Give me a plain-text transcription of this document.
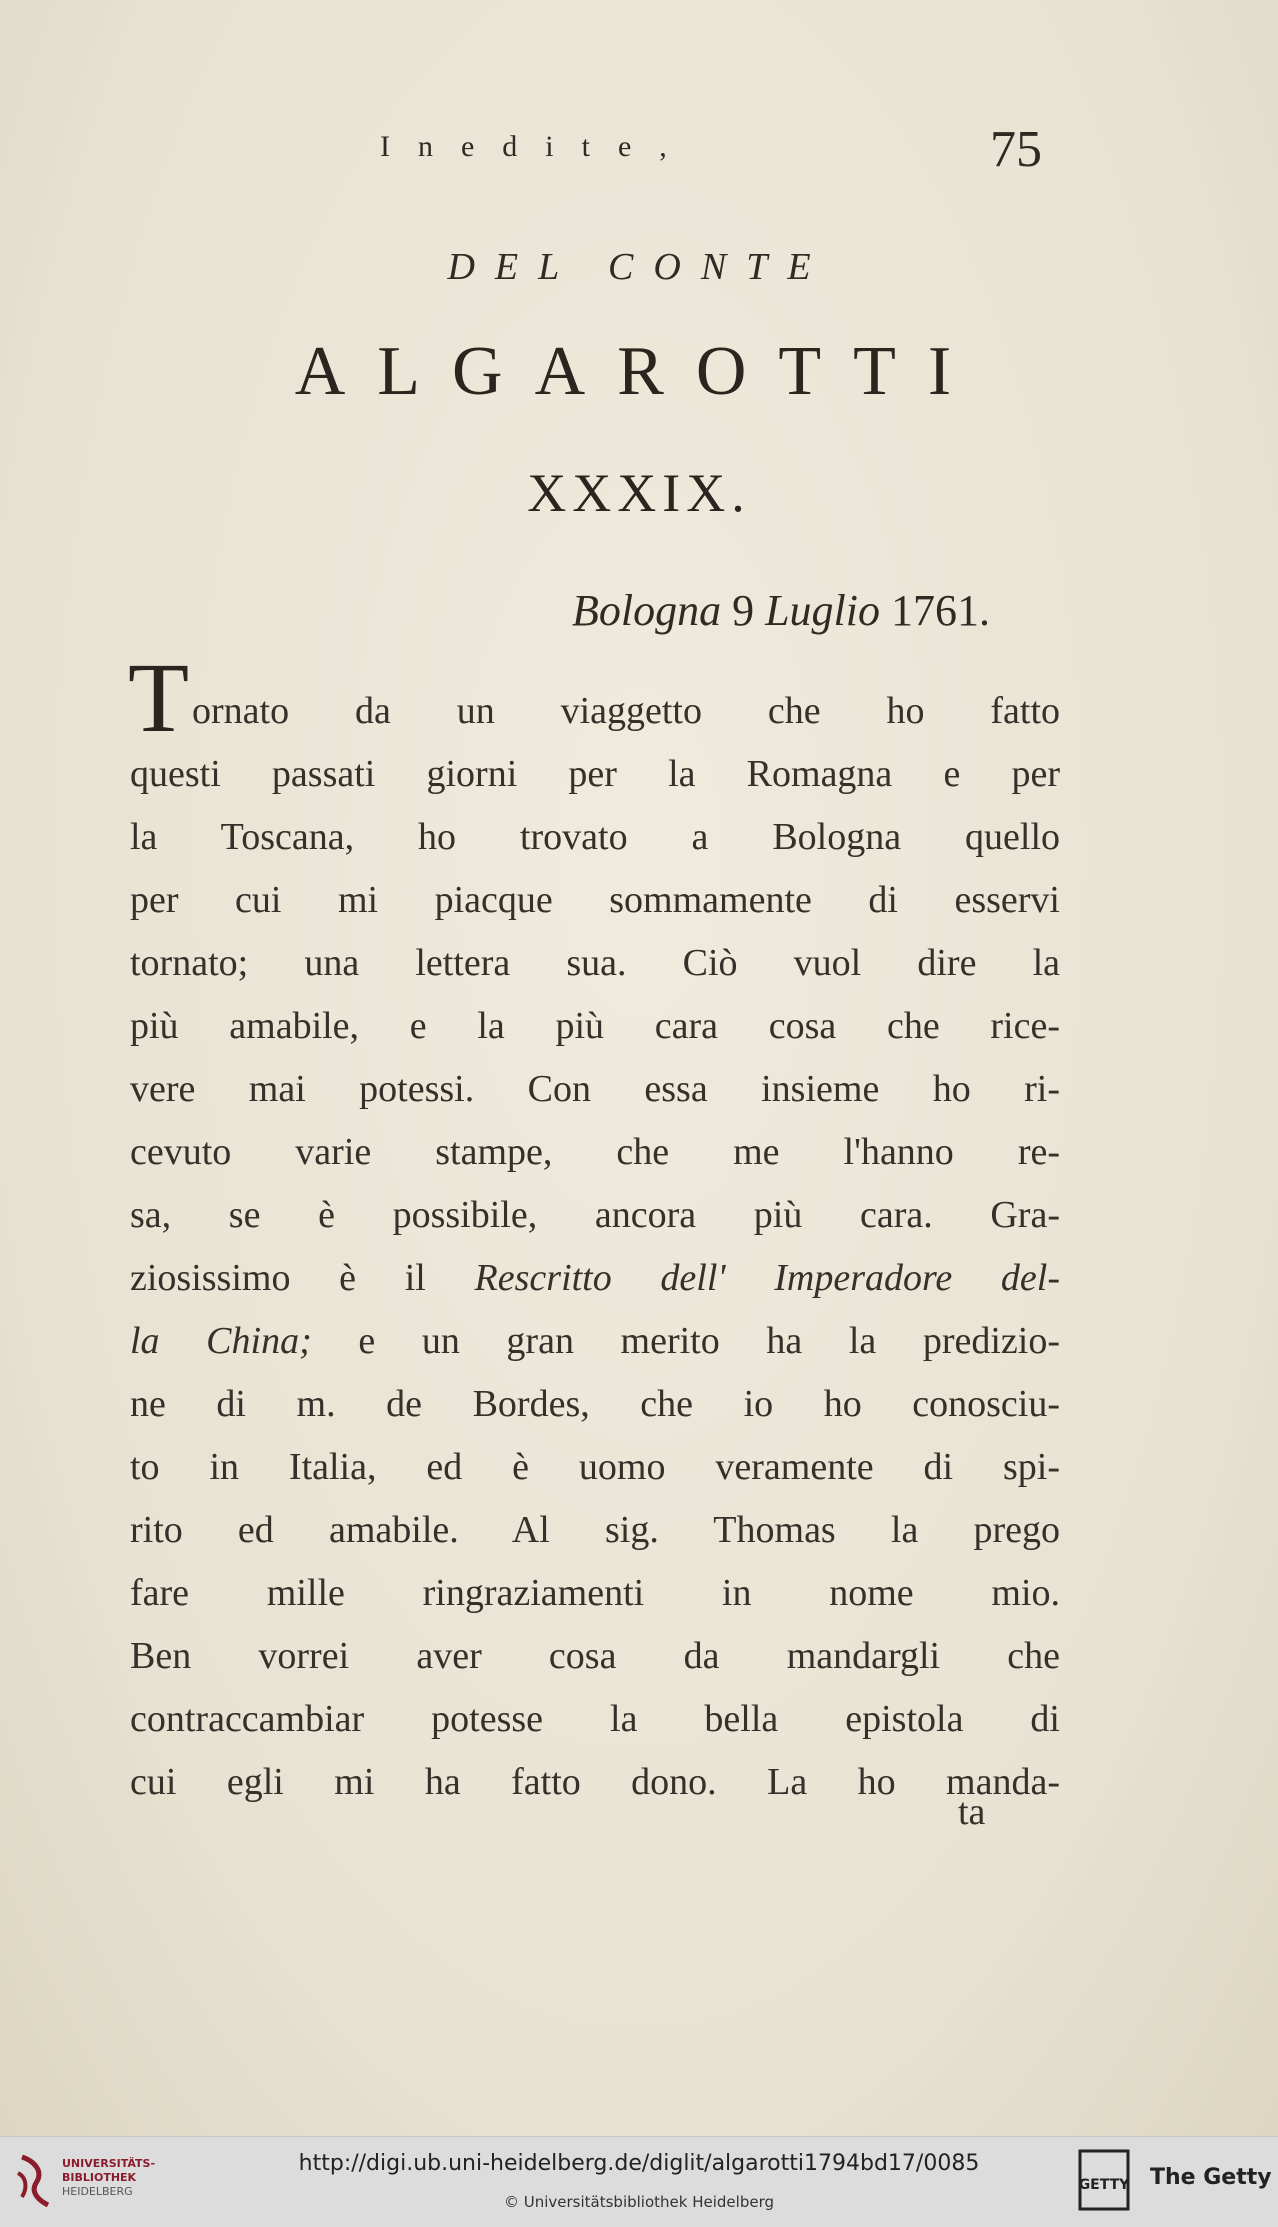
Inedite,	75
DEL CONTE
ALGAROTTI
XXXIX.
Bologna 9 Luglio 1761.
T ornato da un viaggetto che ho fatto
questi passati giorni per la Romagna e per
la Toscana, ho trovato a Bologna quello
per cui mi piacque sommamente di esservi
tornato; una lettera sua. Ciò vuol dire la
più amabile, e la più cara cosa che rice-
vere mai potessi. Con essa insieme ho ri-
cevuto varie stampe, che me l'hanno re-
sa, se è possibile, ancora più cara. Gra-
ziosissimo è il Rescritto dell' Imperadore del-
la China; e un gran merito ha la predizio-
ne di m. de Bordes, che io ho conosciu-
to in Italia, ed è uomo veramente di spi-
rito ed amabile. Al sig. Thomas la prego
fare mille ringraziamenti in nome mio.
Ben vorrei aver cosa da mandargli che
contraccambiar potesse la bella epistola di
cui egli mi ha fatto dono. La ho manda-
ta
UNIVERSITÄTS-
BIBLIOTHEK
HEIDELBERG
http://digi.ub.uni-heidelberg.de/diglit/algarotti1794bd17/0085
© Universitätsbibliothek Heidelberg
GETTY The Getty
